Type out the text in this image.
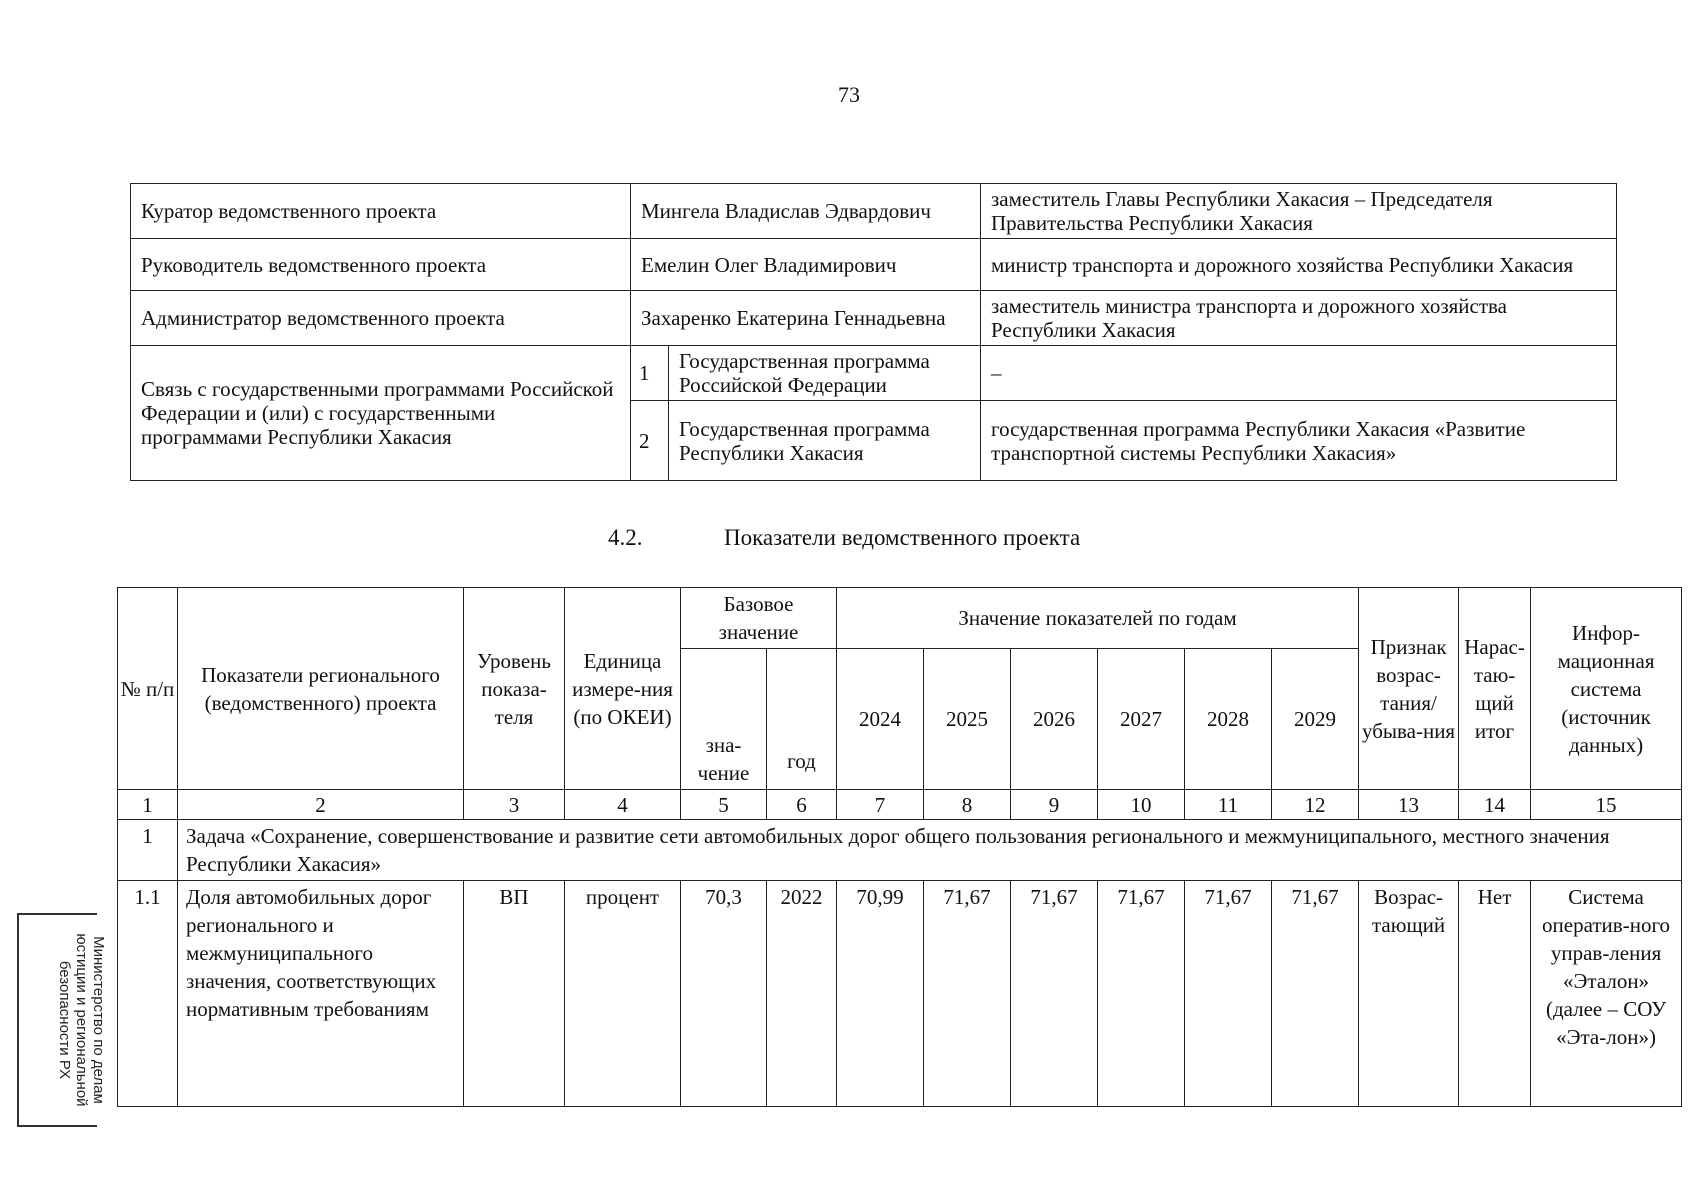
73
Куратор ведомственного проекта	Мингела Владислав Эдвардович		заместитель Главы Республики Хакасия – Председателя Правительства Республики Хакасия
Руководитель ведомственного проекта	Емелин Олег Владимирович		министр транспорта и дорожного хозяйства Республики Хакасия
Администратор ведомственного проекта	Захаренко Екатерина Геннадьевна		заместитель министра транспорта и дорожного хозяйства Республики Хакасия
Связь с государственными программами Российской Федерации и (или) с государственными программами Республики Хакасия	1	Государственная программа Российской Федерации	–
	2	Государственная программа Республики Хакасия	государственная программа Республики Хакасия «Развитие транспортной системы Республики Хакасия»
4.2.	Показатели ведомственного проекта
№ п/п	Показатели регионального (ведомственного) проекта	Уровень показа-теля	Единица измере-ния (по ОКЕИ)	Базовое значение		Значение показателей по годам						Признак возрас-тания/ убыва-ния	Нарас-таю-щий итог	Инфор-мационная система (источник данных)
				зна-чение	год	2024	2025	2026	2027	2028	2029			
1	2	3	4	5	6	7	8	9	10	11	12	13	14	15
1	Задача «Сохранение, совершенствование и развитие сети автомобильных дорог общего пользования регионального и межмуниципального, местного значения Республики Хакасия»													
1.1	Доля автомобильных дорог регионального и межмуниципального значения, соответствующих нормативным требованиям	ВП	процент	70,3	2022	70,99	71,67	71,67	71,67	71,67	71,67	Возрас-тающий	Нет	Система оператив-ного управ-ления «Эталон» (далее – СОУ «Эта-лон»)
Министерство по делам
юстиции и региональной
безопасности РХ
